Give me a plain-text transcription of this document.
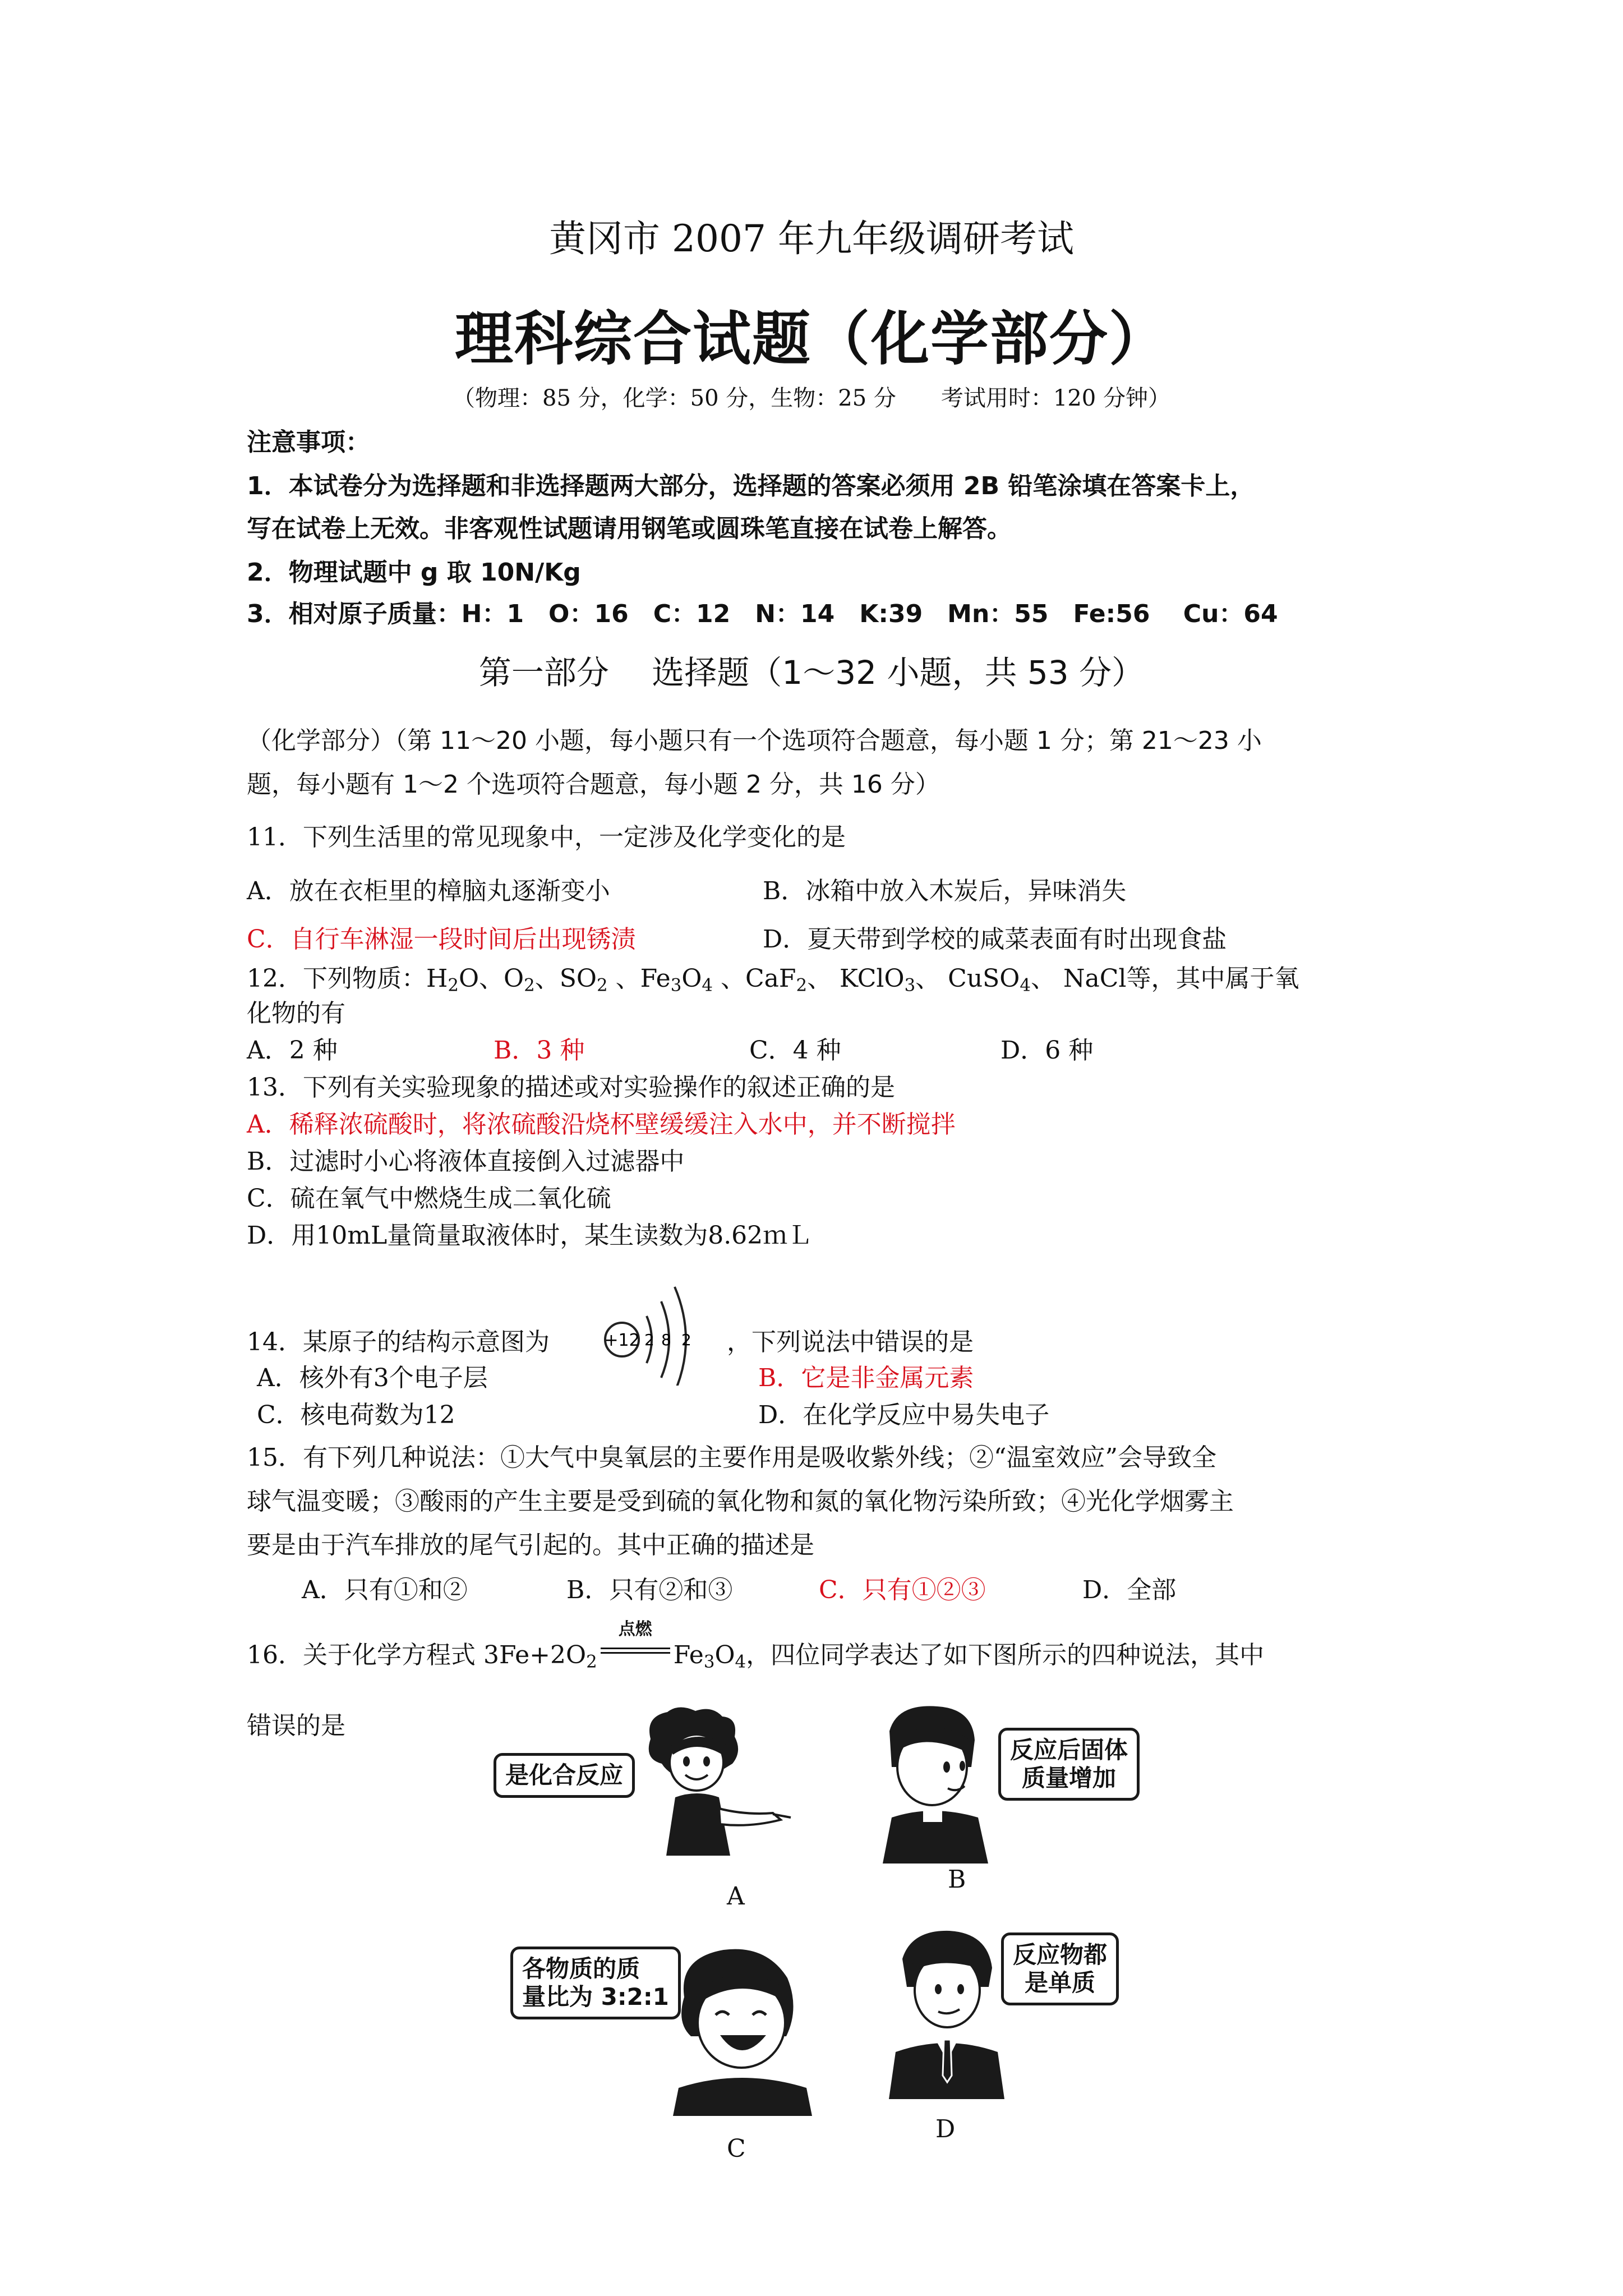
黄冈市 2007 年九年级调研考试
理科综合试题（化学部分）
（物理：85 分，化学：50 分，生物：25 分　　考试用时：120 分钟）
注意事项：
1．本试卷分为选择题和非选择题两大部分，选择题的答案必须用 2B 铅笔涂填在答案卡上，
写在试卷上无效。非客观性试题请用钢笔或圆珠笔直接在试卷上解答。
2．物理试题中 g 取 10N/Kg
3．相对原子质量：H：1　O：16　C：12　N：14　K:39　Mn：55　Fe:56　 Cu：64
第一部分　 选择题（1～32 小题，共 53 分）
（化学部分）（第 11～20 小题，每小题只有一个选项符合题意，每小题 1 分；第 21～23 小
题，每小题有 1～2 个选项符合题意，每小题 2 分，共 16 分）
11．下列生活里的常见现象中，一定涉及化学变化的是
A．放在衣柜里的樟脑丸逐渐变小	B．冰箱中放入木炭后，异味消失
C．自行车淋湿一段时间后出现锈渍	D．夏天带到学校的咸菜表面有时出现食盐
12．下列物质：$H_2O$、$O_2$、$SO_2$ 、$Fe_3O_4$ 、CaF$_2$、 KClO$_3$、 CuSO$_4$、 NaCl等，其中属于氧
化物的有
A．2 种	B．3 种	C．4 种	D．6 种
13．下列有关实验现象的描述或对实验操作的叙述正确的是
A．稀释浓硫酸时，将浓硫酸沿烧杯壁缓缓注入水中，并不断搅拌
B．过滤时小心将液体直接倒入过滤器中
C．硫在氧气中燃烧生成二氧化硫
D．用10mL量筒量取液体时，某生读数为8.62ｍＬ
14．某原子的结构示意图为	+12 2 8 2 ，下列说法中错误的是
A．核外有3个电子层	B．它是非金属元素
C．核电荷数为12	D．在化学反应中易失电子
15．有下列几种说法：①大气中臭氧层的主要作用是吸收紫外线；②“温室效应”会导致全
球气温变暖；③酸雨的产生主要是受到硫的氧化物和氮的氧化物污染所致；④光化学烟雾主
要是由于汽车排放的尾气引起的。其中正确的描述是
A．只有①和②	B．只有②和③	C．只有①②③	D．全部
16．关于化学方程式 $3Fe+2O_2$
点燃
$Fe_3O_4$，四位同学表达了如下图所示的四种说法，其中
错误的是
是化合反应
A
反应后固体
质量增加
B
各物质的质
量比为 3:2:1
C
反应物都
是单质
D
